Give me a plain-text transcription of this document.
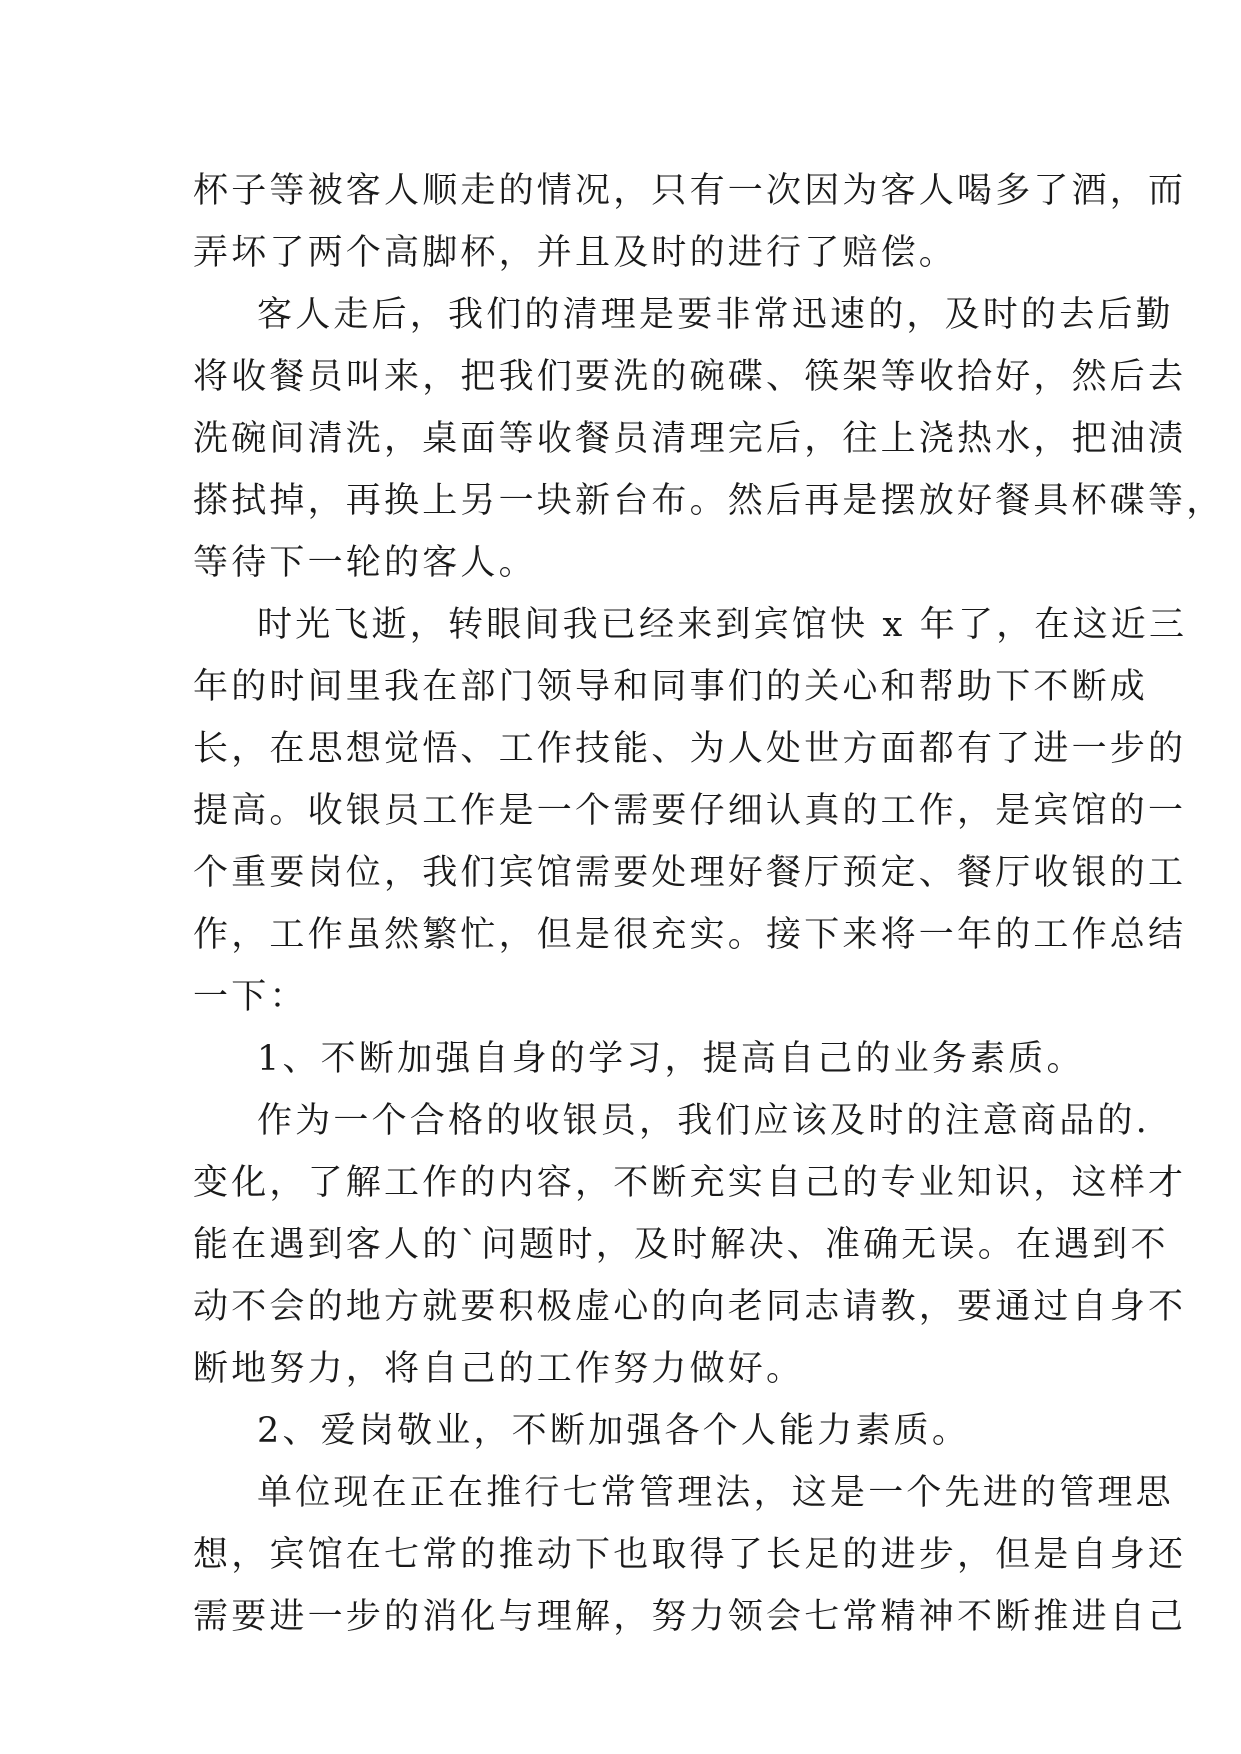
杯子等被客人顺走的情况，只有一次因为客人喝多了酒，而
弄坏了两个高脚杯，并且及时的进行了赔偿。
客人走后，我们的清理是要非常迅速的，及时的去后勤
将收餐员叫来，把我们要洗的碗碟、筷架等收拾好，然后去
洗碗间清洗，桌面等收餐员清理完后，往上浇热水，把油渍
搽拭掉，再换上另一块新台布。然后再是摆放好餐具杯碟等，
等待下一轮的客人。
时光飞逝，转眼间我已经来到宾馆快 x 年了，在这近三
年的时间里我在部门领导和同事们的关心和帮助下不断成
长，在思想觉悟、工作技能、为人处世方面都有了进一步的
提高。收银员工作是一个需要仔细认真的工作，是宾馆的一
个重要岗位，我们宾馆需要处理好餐厅预定、餐厅收银的工
作，工作虽然繁忙，但是很充实。接下来将一年的工作总结
一下：
1、不断加强自身的学习，提高自己的业务素质。
作为一个合格的收银员，我们应该及时的注意商品的.
变化，了解工作的内容，不断充实自己的专业知识，这样才
能在遇到客人的`问题时，及时解决、准确无误。在遇到不
动不会的地方就要积极虚心的向老同志请教，要通过自身不
断地努力，将自己的工作努力做好。
2、爱岗敬业，不断加强各个人能力素质。
单位现在正在推行七常管理法，这是一个先进的管理思
想，宾馆在七常的推动下也取得了长足的进步，但是自身还
需要进一步的消化与理解，努力领会七常精神不断推进自己
